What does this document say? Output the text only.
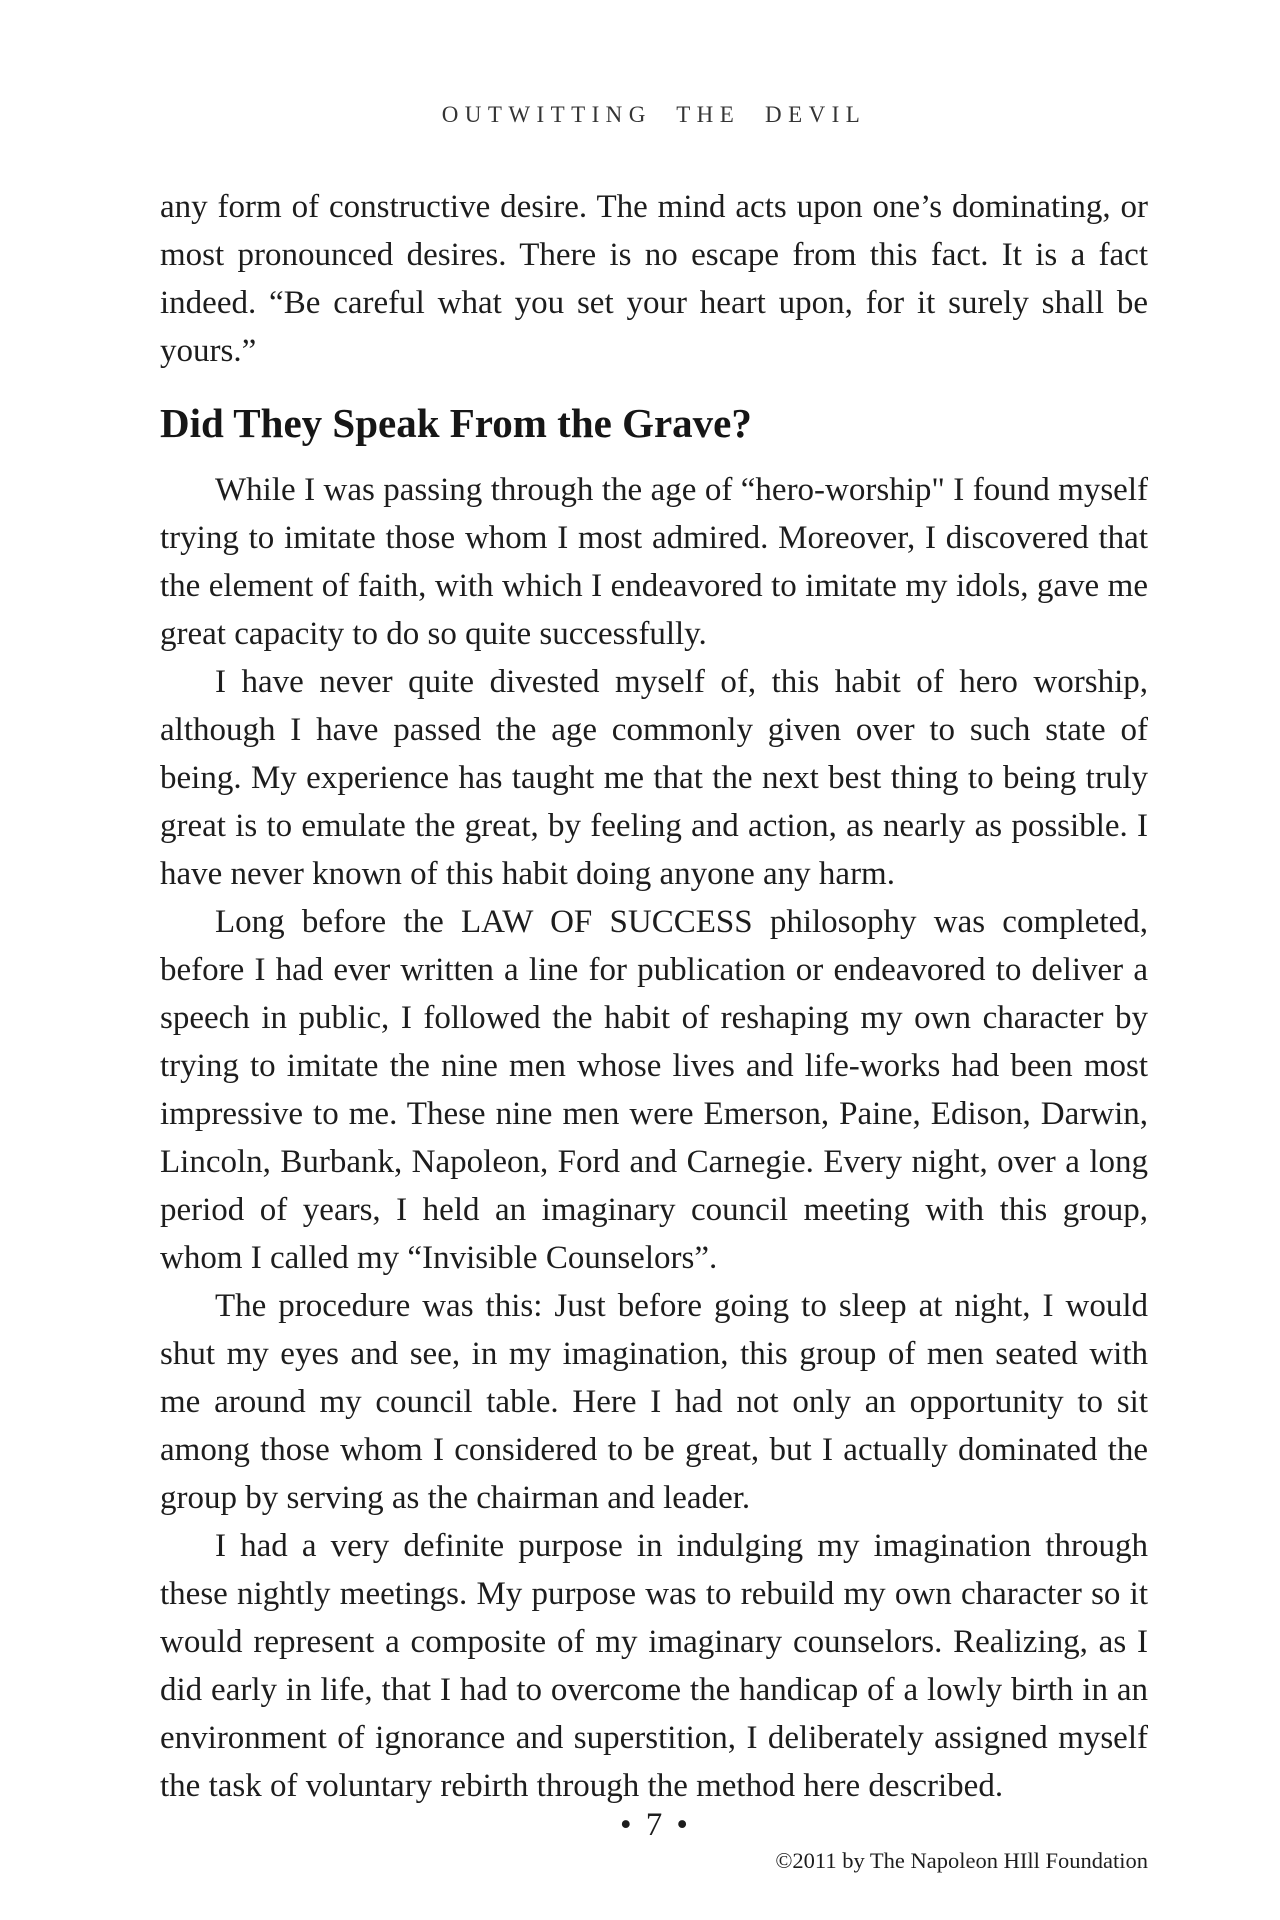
OUTWITTING THE DEVIL

any form of constructive desire. The mind acts upon one’s dominating, or most pronounced desires. There is no escape from this fact. It is a fact indeed. “Be careful what you set your heart upon, for it surely shall be yours.”

Did They Speak From the Grave?

While I was passing through the age of “hero-worship" I found myself trying to imitate those whom I most admired. Moreover, I discovered that the element of faith, with which I endeavored to imitate my idols, gave me great capacity to do so quite successfully.

I have never quite divested myself of, this habit of hero worship, although I have passed the age commonly given over to such state of being. My experience has taught me that the next best thing to being truly great is to emulate the great, by feeling and action, as nearly as possible. I have never known of this habit doing anyone any harm.

Long before the LAW OF SUCCESS philosophy was completed, before I had ever written a line for publication or endeavored to deliver a speech in public, I followed the habit of reshaping my own character by trying to imitate the nine men whose lives and life-works had been most impressive to me. These nine men were Emerson, Paine, Edison, Darwin, Lincoln, Burbank, Napoleon, Ford and Carnegie. Every night, over a long period of years, I held an imaginary council meeting with this group, whom I called my “Invisible Counselors”.

The procedure was this: Just before going to sleep at night, I would shut my eyes and see, in my imagination, this group of men seated with me around my council table. Here I had not only an opportunity to sit among those whom I considered to be great, but I actually dominated the group by serving as the chairman and leader.

I had a very definite purpose in indulging my imagination through these nightly meetings. My purpose was to rebuild my own character so it would represent a composite of my imaginary counselors. Realizing, as I did early in life, that I had to overcome the handicap of a lowly birth in an environment of ignorance and superstition, I deliberately assigned myself the task of voluntary rebirth through the method here described.

• 7 •
©2011 by The Napoleon HIll Foundation
